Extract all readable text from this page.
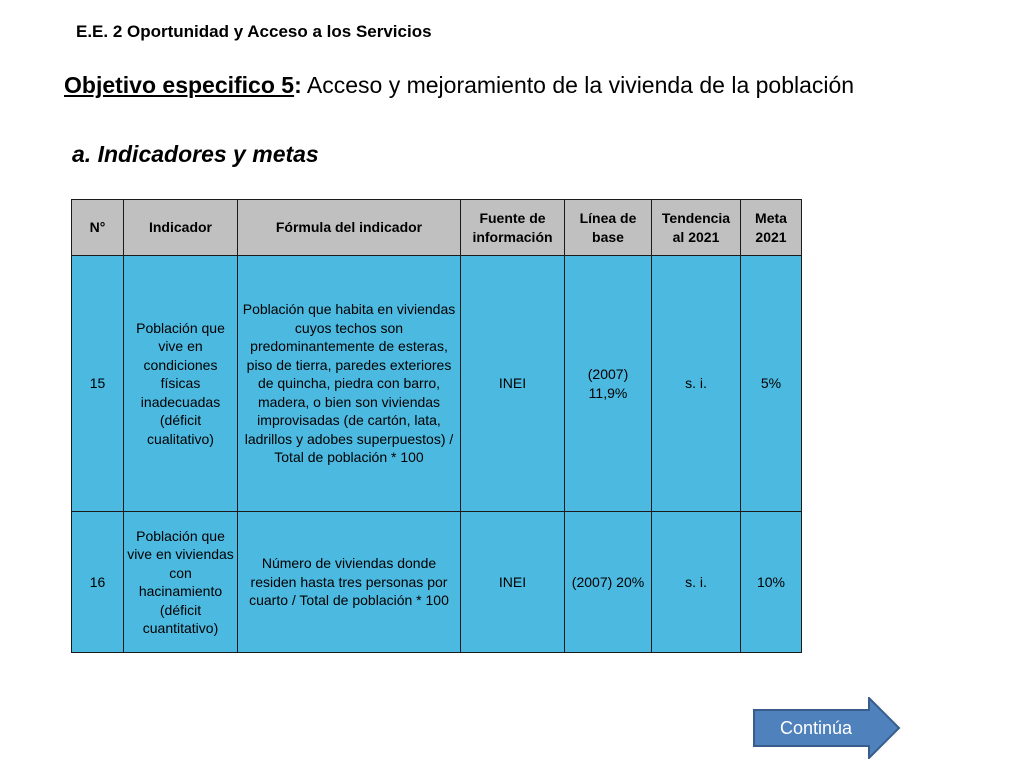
E.E. 2 Oportunidad y Acceso a los Servicios
Objetivo especifico 5: Acceso y mejoramiento de la vivienda de la población
a. Indicadores y metas
N°	Indicador	Fórmula del indicador	Fuente de información	Línea de base	Tendencia al 2021	Meta 2021
15	Población que vive en condiciones físicas inadecuadas (déficit cualitativo)	Población que habita en viviendas cuyos techos son predominantemente de esteras, piso de tierra, paredes exteriores de quincha, piedra con barro, madera, o bien son viviendas improvisadas (de cartón, lata, ladrillos y adobes superpuestos) / Total de población * 100	INEI	(2007) 11,9%	s. i.	5%
16	Población que vive en viviendas con hacinamiento (déficit cuantitativo)	Número de viviendas donde residen hasta tres personas por cuarto / Total de población * 100	INEI	(2007) 20%	s. i.	10%
Continúa
